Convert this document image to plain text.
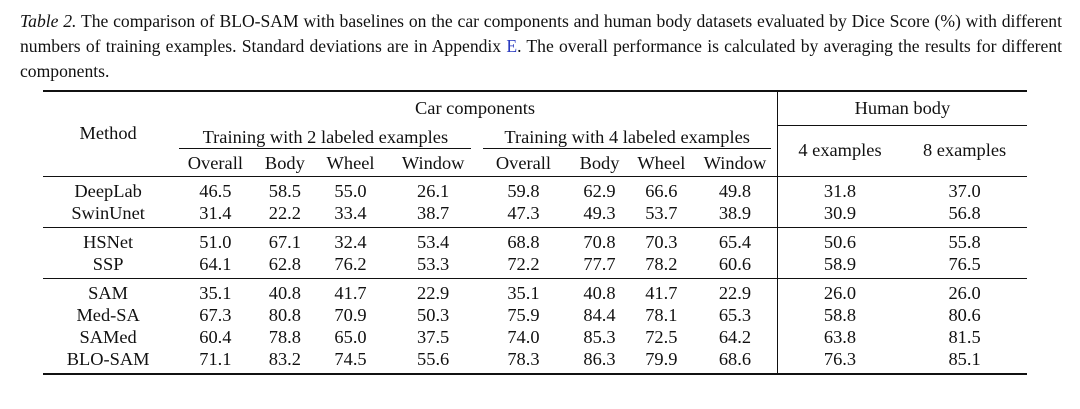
Table 2. The comparison of BLO-SAM with baselines on the car components and human body datasets evaluated by Dice Score (%) with different numbers of training examples. Standard deviations are in Appendix E. The overall performance is calculated by averaging the results for different components.
Method	Car components								Human body	

	Training with 2 labeled examples				Training with 4 labeled examples				4 examples	8 examples
	Overall	Body	Wheel	Window	Overall	Body	Wheel	Window		
DeepLab	46.5	58.5	55.0	26.1	59.8	62.9	66.6	49.8	31.8	37.0
SwinUnet	31.4	22.2	33.4	38.7	47.3	49.3	53.7	38.9	30.9	56.8
HSNet	51.0	67.1	32.4	53.4	68.8	70.8	70.3	65.4	50.6	55.8
SSP	64.1	62.8	76.2	53.3	72.2	77.7	78.2	60.6	58.9	76.5
SAM	35.1	40.8	41.7	22.9	35.1	40.8	41.7	22.9	26.0	26.0
Med-SA	67.3	80.8	70.9	50.3	75.9	84.4	78.1	65.3	58.8	80.6
SAMed	60.4	78.8	65.0	37.5	74.0	85.3	72.5	64.2	63.8	81.5
BLO-SAM	71.1	83.2	74.5	55.6	78.3	86.3	79.9	68.6	76.3	85.1
